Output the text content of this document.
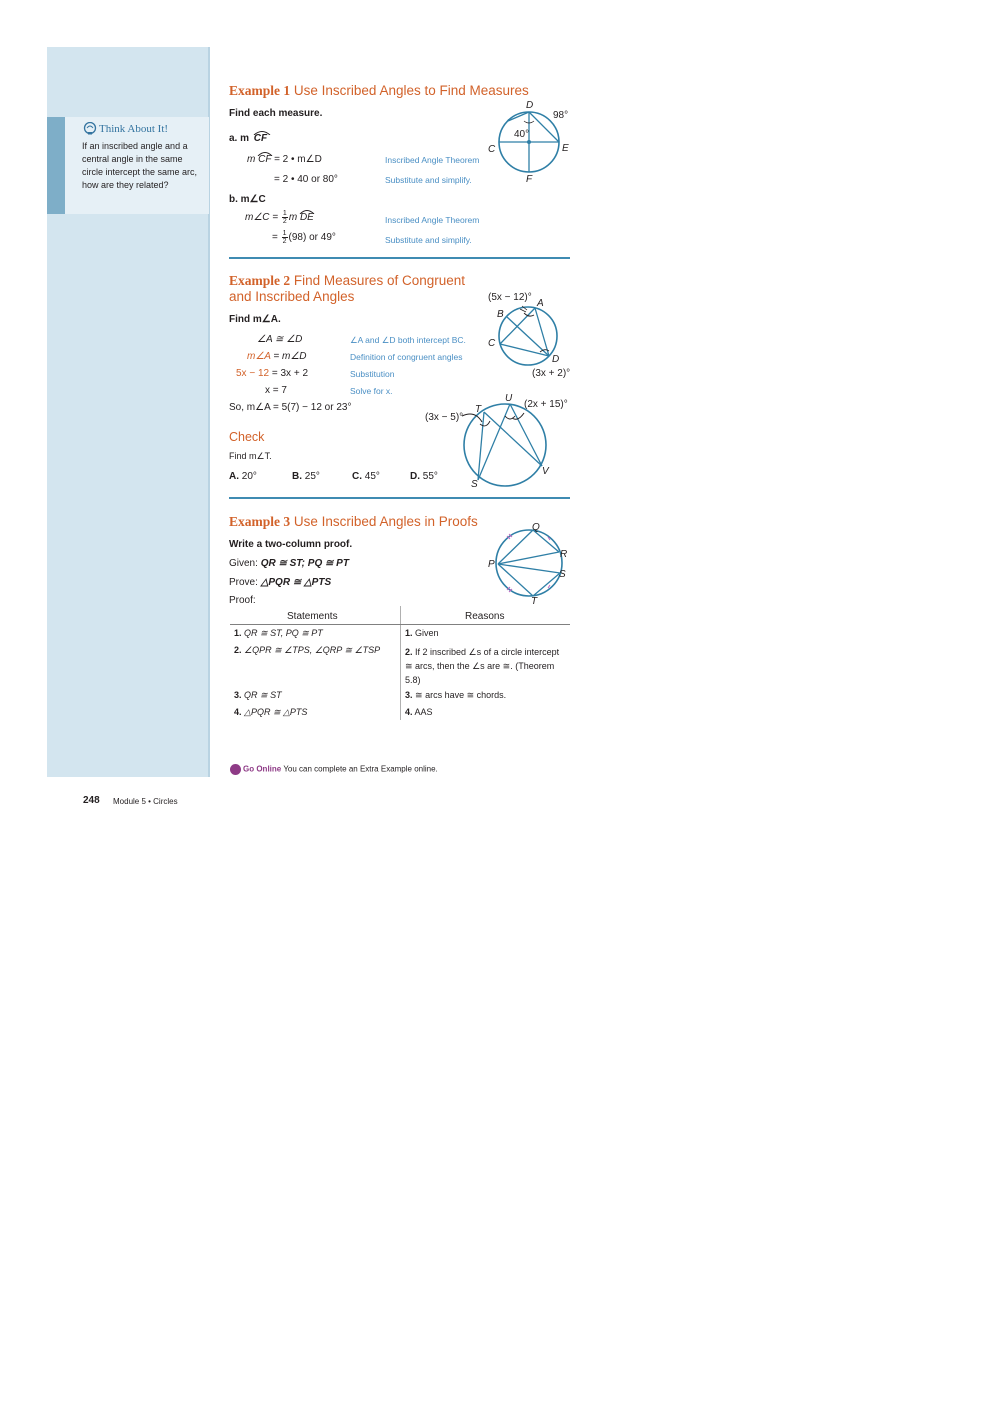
Think About It!
If an inscribed angle and a central angle in the same circle intercept the same arc, how are they related?
Example 1 Use Inscribed Angles to Find Measures
Find each measure.
a. m CF
m CF = 2 • m∠D	Inscribed Angle Theorem
= 2 • 40 or 80°	Substitute and simplify.
b. m∠C
m∠C = $\frac{1}{2}$ m DE	Inscribed Angle Theorem
= $\frac{1}{2} (98)$ or 49°	Substitute and simplify.
D
98°
40°
C	E
F
Example 2 Find Measures of Congruent
and Inscribed Angles
Find m∠A.
∠A ≅ ∠D	∠A and ∠D both intercept BC.
m∠A = m∠D	Definition of congruent angles
5x − 12 = 3x + 2	Substitution
x = 7	Solve for x.
So, m∠A = 5(7) − 12 or 23°
(5x − 12)°
A
B
C
D
(3x + 2)°
Check
Find m∠T.
A. 20°	B. 25°	C. 45°	D. 55°
(3x − 5)°
T
U
(2x + 15)°
V
S
Example 3 Use Inscribed Angles in Proofs
Write a two-column proof.
Given: QR ≅ ST; PQ ≅ PT
Prove: △PQR ≅ △PTS
Proof:
Q
R
P
S
T
Statements	Reasons
1. QR ≅ ST, PQ ≅ PT	1. Given
2. ∠QPR ≅ ∠TPS, ∠QRP ≅ ∠TSP	2. If 2 inscribed ∠s of a circle intercept ≅ arcs, then the ∠s are ≅. (Theorem 5.8)
3. QR ≅ ST	3. ≅ arcs have ≅ chords.
4. △PQR ≅ △PTS	4. AAS
Go Online You can complete an Extra Example online.
248 Module 5 • Circles
